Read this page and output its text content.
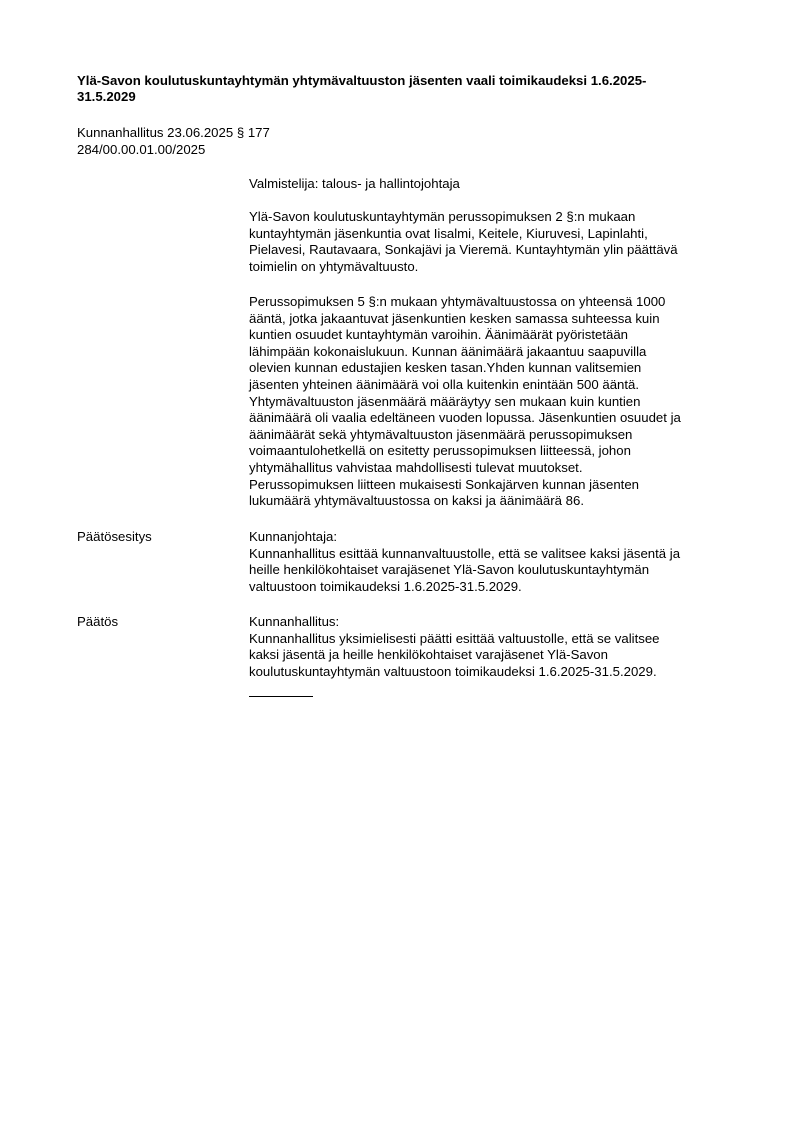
Ylä-Savon koulutuskuntayhtymän yhtymävaltuuston jäsenten vaali toimikaudeksi 1.6.2025-
31.5.2029
Kunnanhallitus 23.06.2025 § 177
284/00.00.01.00/2025
Valmistelija: talous- ja hallintojohtaja
Ylä-Savon koulutuskuntayhtymän perussopimuksen 2 §:n mukaan
kuntayhtymän jäsenkuntia ovat Iisalmi, Keitele, Kiuruvesi, Lapinlahti,
Pielavesi, Rautavaara, Sonkajävi ja Vieremä. Kuntayhtymän ylin päättävä
toimielin on yhtymävaltuusto.
Perussopimuksen 5 §:n mukaan yhtymävaltuustossa on yhteensä 1000
ääntä, jotka jakaantuvat jäsenkuntien kesken samassa suhteessa kuin
kuntien osuudet kuntayhtymän varoihin. Äänimäärät pyöristetään
lähimpään kokonaislukuun. Kunnan äänimäärä jakaantuu saapuvilla
olevien kunnan edustajien kesken tasan.Yhden kunnan valitsemien
jäsenten yhteinen äänimäärä voi olla kuitenkin enintään 500 ääntä.
Yhtymävaltuuston jäsenmäärä määräytyy sen mukaan kuin kuntien
äänimäärä oli vaalia edeltäneen vuoden lopussa. Jäsenkuntien osuudet ja
äänimäärät sekä yhtymävaltuuston jäsenmäärä perussopimuksen
voimaantulohetkellä on esitetty perussopimuksen liitteessä, johon
yhtymähallitus vahvistaa mahdollisesti tulevat muutokset.
Perussopimuksen liitteen mukaisesti Sonkajärven kunnan jäsenten
lukumäärä yhtymävaltuustossa on kaksi ja äänimäärä 86.
Päätösesitys	Kunnanjohtaja:
Kunnanhallitus esittää kunnanvaltuustolle, että se valitsee kaksi jäsentä ja
heille henkilökohtaiset varajäsenet Ylä-Savon koulutuskuntayhtymän
valtuustoon toimikaudeksi 1.6.2025-31.5.2029.
Päätös	Kunnanhallitus:
Kunnanhallitus yksimielisesti päätti esittää valtuustolle, että se valitsee
kaksi jäsentä ja heille henkilökohtaiset varajäsenet Ylä-Savon
koulutuskuntayhtymän valtuustoon toimikaudeksi 1.6.2025-31.5.2029.
